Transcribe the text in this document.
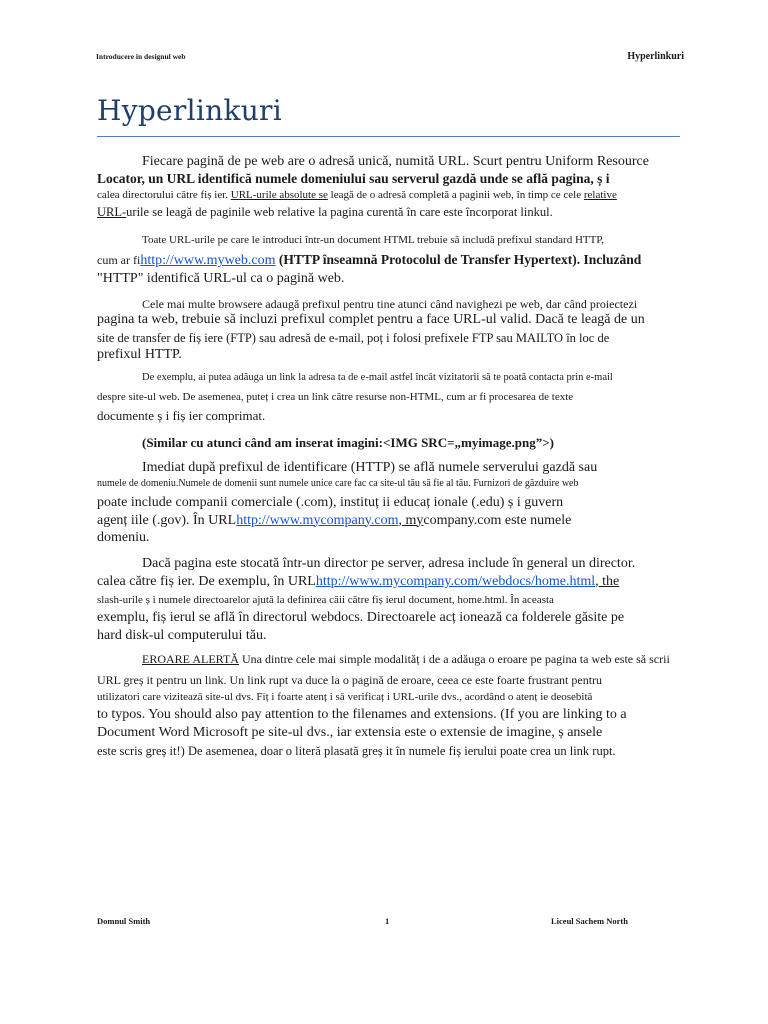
Introducere în designul web	Hyperlinkuri
Hyperlinkuri
Fiecare pagină de pe web are o adresă unică, numită URL. Scurt pentru Uniform Resource
Locator, un URL identifică numele domeniului sau serverul gazdă unde se află pagina, ș i
calea directorului către fiș ier. URL-urile absolute se leagă de o adresă completă a paginii web, în timp ce cele relative
URL-urile se leagă de paginile web relative la pagina curentă în care este încorporat linkul.
Toate URL-urile pe care le introduci într-un document HTML trebuie să includă prefixul standard HTTP,
cum ar fihttp://www.myweb.com (HTTP înseamnă Protocolul de Transfer Hypertext). Incluzând
"HTTP" identifică URL-ul ca o pagină web.
Cele mai multe browsere adaugă prefixul pentru tine atunci când navighezi pe web, dar când proiectezi
pagina ta web, trebuie să incluzi prefixul complet pentru a face URL-ul valid. Dacă te leagă de un
site de transfer de fiș iere (FTP) sau adresă de e-mail, poț i folosi prefixele FTP sau MAILTO în loc de
prefixul HTTP.
De exemplu, ai putea adăuga un link la adresa ta de e-mail astfel încât vizitatorii să te poată contacta prin e-mail
despre site-ul web. De asemenea, puteț i crea un link către resurse non-HTML, cum ar fi procesarea de texte
documente ș i fiș ier comprimat.
(Similar cu atunci când am inserat imagini:<IMG SRC=„myimage.png”>)
Imediat după prefixul de identificare (HTTP) se află numele serverului gazdă sau
numele de domeniu.Numele de domenii sunt numele unice care fac ca site-ul tău să fie al tău. Furnizori de găzduire web
poate include companii comerciale (.com), instituț ii educaț ionale (.edu) ș i guvern
agenț iile (.gov). În URLhttp://www.mycompany.com, mycompany.com este numele
domeniu.
Dacă pagina este stocată într-un director pe server, adresa include în general un director.
calea către fiș ier. De exemplu, în URLhttp://www.mycompany.com/webdocs/home.html, the
slash-urile ș i numele directoarelor ajută la definirea căii către fiș ierul document, home.html. În aceasta
exemplu, fiș ierul se află în directorul webdocs. Directoarele acț ionează ca folderele găsite pe
hard disk-ul computerului tău.
EROARE ALERTĂ Una dintre cele mai simple modalităț i de a adăuga o eroare pe pagina ta web este să scrii
URL greș it pentru un link. Un link rupt va duce la o pagină de eroare, ceea ce este foarte frustrant pentru
utilizatori care vizitează site-ul dvs. Fiț i foarte atenț i să verificaț i URL-urile dvs., acordând o atenț ie deosebită
to typos. You should also pay attention to the filenames and extensions. (If you are linking to a
Document Word Microsoft pe site-ul dvs., iar extensia este o extensie de imagine, ș ansele
este scris greș it!) De asemenea, doar o literă plasată greș it în numele fiș ierului poate crea un link rupt.
Domnul Smith	1	Liceul Sachem North
